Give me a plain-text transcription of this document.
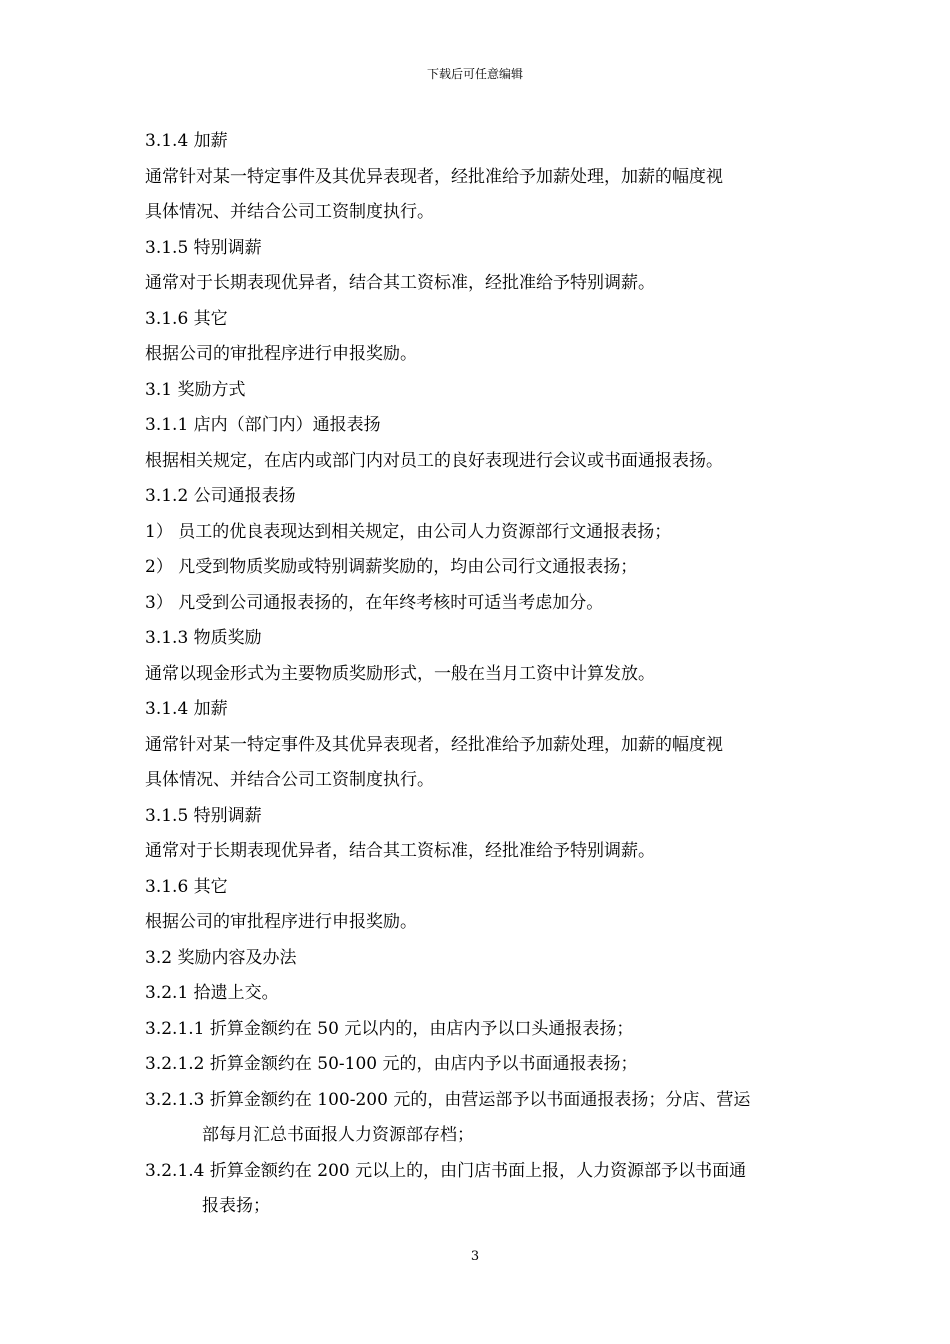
下载后可任意编辑
3.1.4 加薪
通常针对某一特定事件及其优异表现者，经批准给予加薪处理，加薪的幅度视
具体情况、并结合公司工资制度执行。
3.1.5 特别调薪
通常对于长期表现优异者，结合其工资标准，经批准给予特别调薪。
3.1.6 其它
根据公司的审批程序进行申报奖励。
3.1 奖励方式
3.1.1 店内（部门内）通报表扬
根据相关规定，在店内或部门内对员工的良好表现进行会议或书面通报表扬。
3.1.2 公司通报表扬
1） 员工的优良表现达到相关规定，由公司人力资源部行文通报表扬；
2） 凡受到物质奖励或特别调薪奖励的，均由公司行文通报表扬；
3） 凡受到公司通报表扬的，在年终考核时可适当考虑加分。
3.1.3 物质奖励
通常以现金形式为主要物质奖励形式，一般在当月工资中计算发放。
3.1.4 加薪
通常针对某一特定事件及其优异表现者，经批准给予加薪处理，加薪的幅度视
具体情况、并结合公司工资制度执行。
3.1.5 特别调薪
通常对于长期表现优异者，结合其工资标准，经批准给予特别调薪。
3.1.6 其它
根据公司的审批程序进行申报奖励。
3.2 奖励内容及办法
3.2.1 拾遗上交。
3.2.1.1 折算金额约在 50 元以内的，由店内予以口头通报表扬；
3.2.1.2 折算金额约在 50-100 元的，由店内予以书面通报表扬；
3.2.1.3 折算金额约在 100-200 元的，由营运部予以书面通报表扬；分店、营运
部每月汇总书面报人力资源部存档；
3.2.1.4 折算金额约在 200 元以上的，由门店书面上报，人力资源部予以书面通
报表扬；
3
